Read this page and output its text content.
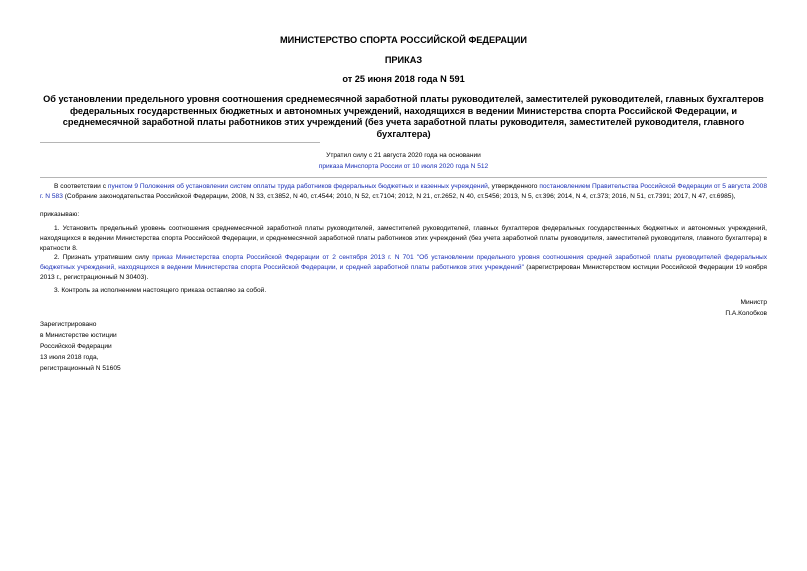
МИНИСТЕРСТВО СПОРТА РОССИЙСКОЙ ФЕДЕРАЦИИ
ПРИКАЗ
от 25 июня 2018 года N 591
Об установлении предельного уровня соотношения среднемесячной заработной платы руководителей, заместителей руководителей, главных бухгалтеров федеральных государственных бюджетных и автономных учреждений, находящихся в ведении Министерства спорта Российской Федерации, и среднемесячной заработной платы работников этих учреждений (без учета заработной платы руководителя, заместителей руководителя, главного бухгалтера)
Утратил силу с 21 августа 2020 года на основании
приказа Минспорта России от 10 июля 2020 года N 512
В соответствии с пунктом 9 Положения об установлении систем оплаты труда работников федеральных бюджетных и казенных учреждений, утвержденного постановлением Правительства Российской Федерации от 5 августа 2008 г. N 583 (Собрание законодательства Российской Федерации, 2008, N 33, ст.3852, N 40, ст.4544; 2010, N 52, ст.7104; 2012, N 21, ст.2652, N 40, ст.5456; 2013, N 5, ст.396; 2014, N 4, ст.373; 2016, N 51, ст.7391; 2017, N 47, ст.6985),
приказываю:
1. Установить предельный уровень соотношения среднемесячной заработной платы руководителей, заместителей руководителей, главных бухгалтеров федеральных государственных бюджетных и автономных учреждений, находящихся в ведении Министерства спорта Российской Федерации, и среднемесячной заработной платы работников этих учреждений (без учета заработной платы руководителя, заместителей руководителя, главного бухгалтера) в кратности 8.
2. Признать утратившим силу приказ Министерства спорта Российской Федерации от 2 сентября 2013 г. N 701 "Об установлении предельного уровня соотношения средней заработной платы руководителей федеральных бюджетных учреждений, находящихся в ведении Министерства спорта Российской Федерации, и средней заработной платы работников этих учреждений" (зарегистрирован Министерством юстиции Российской Федерации 19 ноября 2013 г., регистрационный N 30403).
3. Контроль за исполнением настоящего приказа оставляю за собой.
Министр
П.А.Колобков
Зарегистрировано
в Министерстве юстиции
Российской Федерации
13 июля 2018 года,
регистрационный N 51605
